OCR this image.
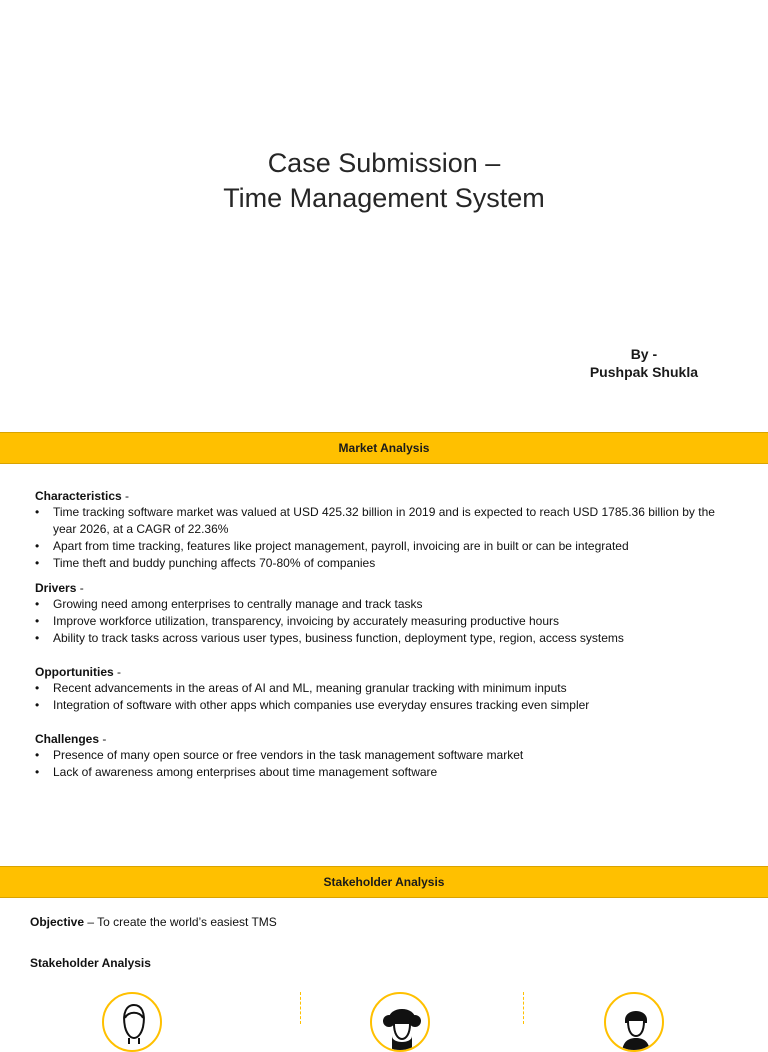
Case Submission –
Time Management System
By -
Pushpak Shukla
Market Analysis
Characteristics -
• Time tracking software market was valued at USD 425.32 billion in 2019 and is expected to reach USD 1785.36 billion by the year 2026, at a CAGR of 22.36%
• Apart from time tracking, features like project management, payroll, invoicing are in built or can be integrated
• Time theft and buddy punching affects 70-80% of companies
Drivers -
• Growing need among enterprises to centrally manage and track tasks
• Improve workforce utilization, transparency, invoicing by accurately measuring productive hours
• Ability to track tasks across various user types, business function, deployment type, region, access systems
Opportunities -
• Recent advancements in the areas of AI and ML, meaning granular tracking with minimum inputs
• Integration of software with other apps which companies use everyday ensures tracking even simpler
Challenges -
• Presence of many open source or free vendors in the task management software market
• Lack of awareness among enterprises about time management software
Stakeholder Analysis
Objective – To create the world’s easiest TMS
Stakeholder Analysis
